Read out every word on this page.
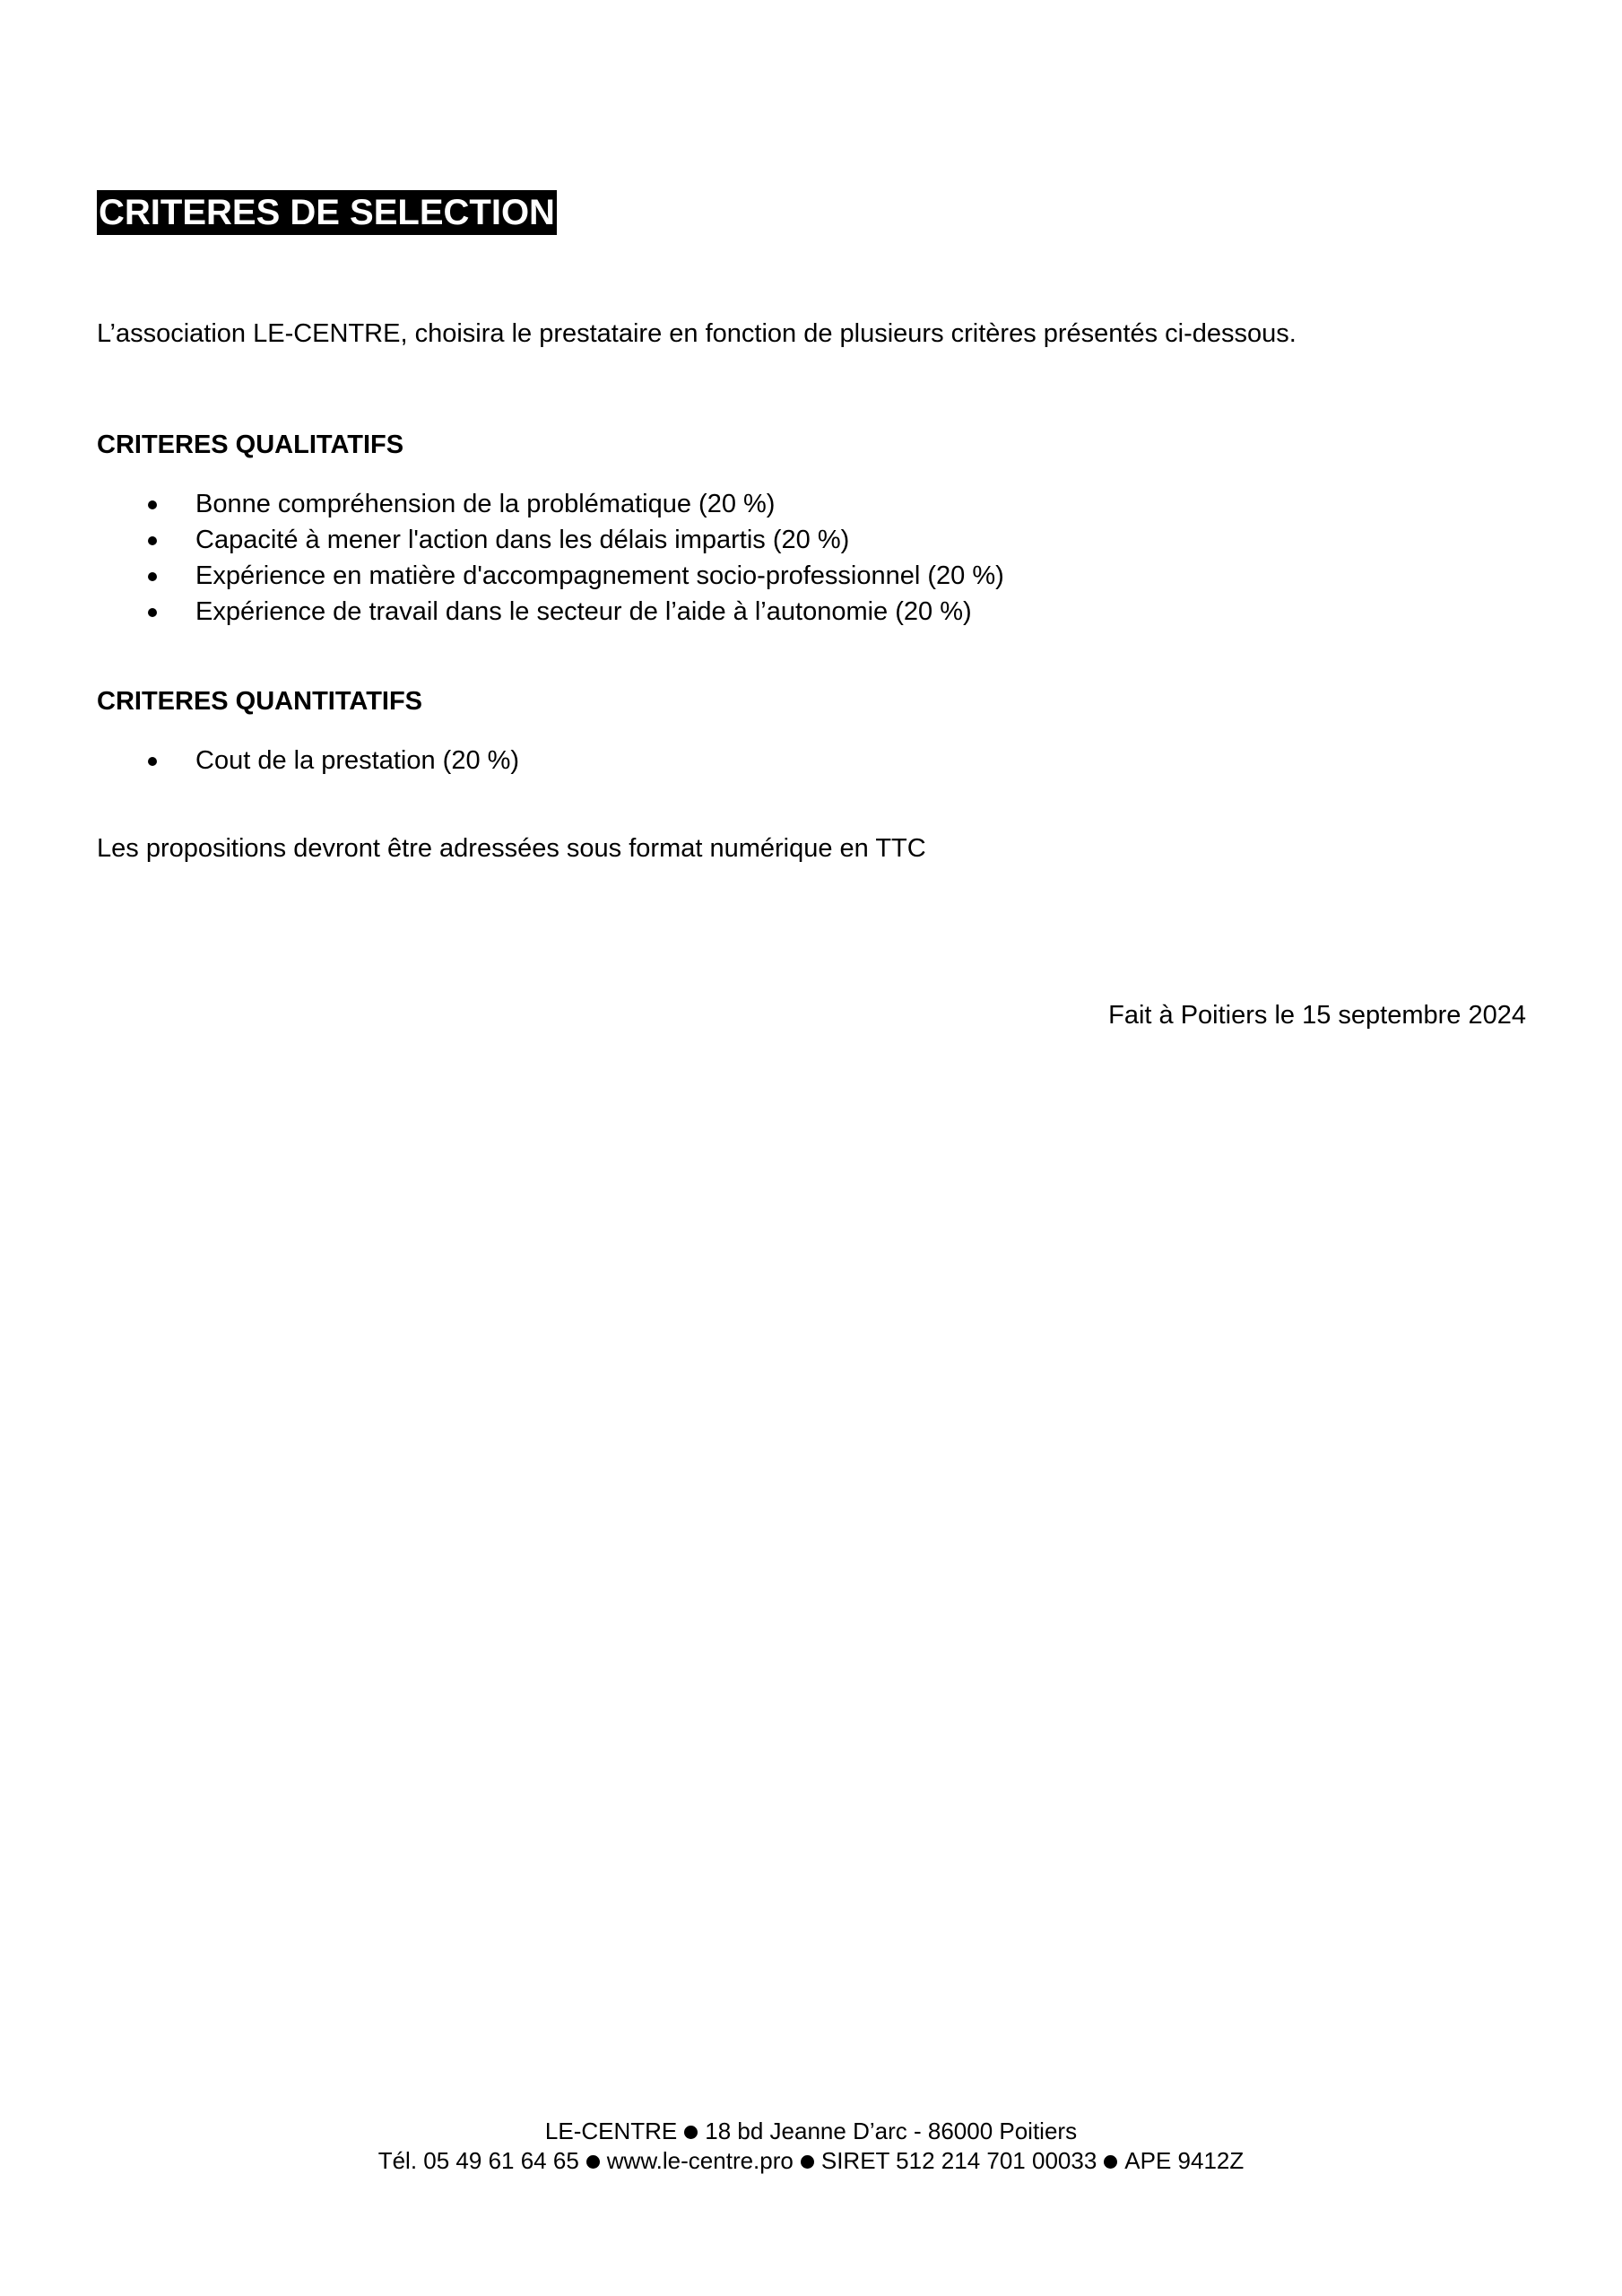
CRITERES DE SELECTION

L’association LE-CENTRE, choisira le prestataire en fonction de plusieurs critères présentés ci-dessous.

CRITERES QUALITATIFS
Bonne compréhension de la problématique (20 %)
Capacité à mener l'action dans les délais impartis (20 %)
Expérience en matière d'accompagnement socio-professionnel (20 %)
Expérience de travail dans le secteur de l’aide à l’autonomie (20 %)
CRITERES QUANTITATIFS
Cout de la prestation (20 %)

Les propositions devront être adressées sous format numérique en TTC

Fait à Poitiers le 15 septembre 2024

LE-CENTRE 18 bd Jeanne D’arc - 86000 Poitiers
Tél. 05 49 61 64 65 www.le-centre.pro SIRET 512 214 701 00033 APE 9412Z
